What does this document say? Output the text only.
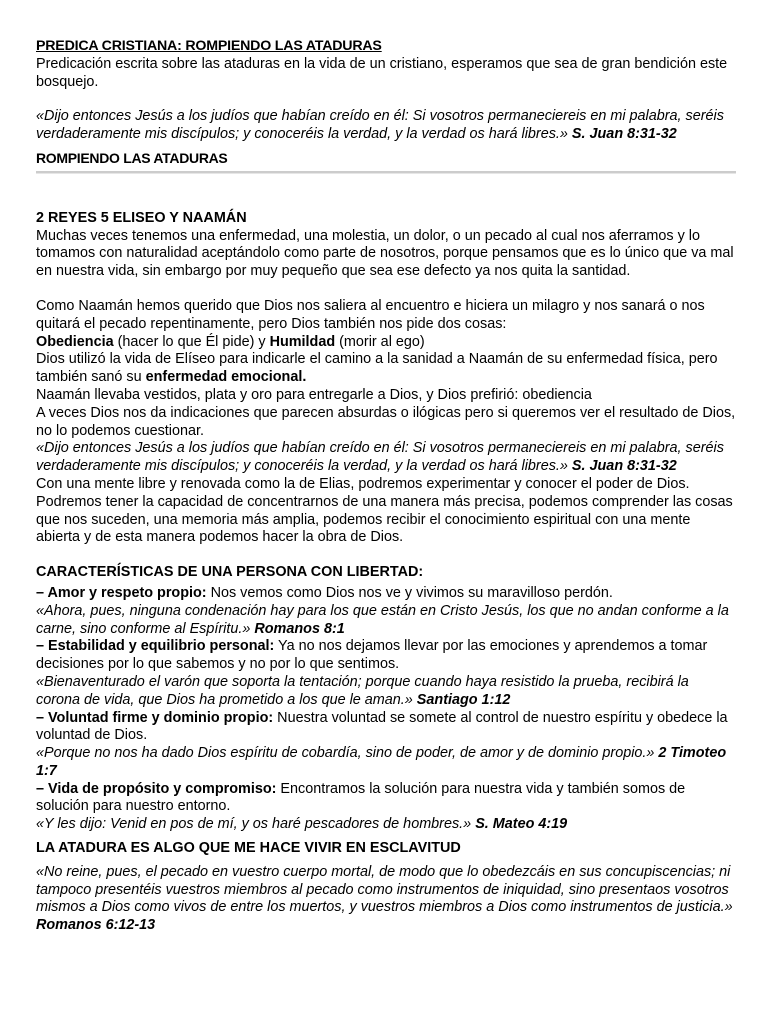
PREDICA CRISTIANA: ROMPIENDO LAS ATADURAS

Predicación escrita sobre las ataduras en la vida de un cristiano, esperamos que sea de gran bendición este bosquejo.

«Dijo entonces Jesús a los judíos que habían creído en él: Si vosotros permaneciereis en mi palabra, seréis verdaderamente mis discípulos; y conoceréis la verdad, y la verdad os hará libres.» S. Juan 8:31-32

ROMPIENDO LAS ATADURAS

2 REYES 5 ELISEO Y NAAMÁN

Muchas veces tenemos una enfermedad, una molestia, un dolor, o un pecado al cual nos aferramos y lo tomamos con naturalidad aceptándolo como parte de nosotros, porque pensamos que es lo único que va mal en nuestra vida, sin embargo por muy pequeño que sea ese defecto ya nos quita la santidad.

Como Naamán hemos querido que Dios nos saliera al encuentro e hiciera un milagro y nos sanará o nos quitará el pecado repentinamente, pero Dios también nos pide dos cosas:

Obediencia (hacer lo que Él pide) y Humildad (morir al ego)

Dios utilizó la vida de Elíseo para indicarle el camino a la sanidad a Naamán de su enfermedad física, pero también sanó su enfermedad emocional.

Naamán llevaba vestidos, plata y oro para entregarle a Dios, y Dios prefirió: obediencia

A veces Dios nos da indicaciones que parecen absurdas o ilógicas pero si queremos ver el resultado de Dios, no lo podemos cuestionar.

«Dijo entonces Jesús a los judíos que habían creído en él: Si vosotros permaneciereis en mi palabra, seréis verdaderamente mis discípulos; y conoceréis la verdad, y la verdad os hará libres.» S. Juan 8:31-32

Con una mente libre y renovada como la de Elias, podremos experimentar y conocer el poder de Dios. Podremos tener la capacidad de concentrarnos de una manera más precisa, podemos comprender las cosas que nos suceden, una memoria más amplia, podemos recibir el conocimiento espiritual con una mente abierta y de esta manera podemos hacer la obra de Dios.

CARACTERÍSTICAS DE UNA PERSONA CON LIBERTAD:

– Amor y respeto propio: Nos vemos como Dios nos ve y vivimos su maravilloso perdón.

«Ahora, pues, ninguna condenación hay para los que están en Cristo Jesús, los que no andan conforme a la carne, sino conforme al Espíritu.» Romanos 8:1

– Estabilidad y equilibrio personal: Ya no nos dejamos llevar por las emociones y aprendemos a tomar decisiones por lo que sabemos y no por lo que sentimos.

«Bienaventurado el varón que soporta la tentación; porque cuando haya resistido la prueba, recibirá la corona de vida, que Dios ha prometido a los que le aman.» Santiago 1:12

– Voluntad firme y dominio propio: Nuestra voluntad se somete al control de nuestro espíritu y obedece la voluntad de Dios.

«Porque no nos ha dado Dios espíritu de cobardía, sino de poder, de amor y de dominio propio.» 2 Timoteo 1:7

– Vida de propósito y compromiso: Encontramos la solución para nuestra vida y también somos de solución para nuestro entorno.

«Y les dijo: Venid en pos de mí, y os haré pescadores de hombres.» S. Mateo 4:19

LA ATADURA ES ALGO QUE ME HACE VIVIR EN ESCLAVITUD

«No reine, pues, el pecado en vuestro cuerpo mortal, de modo que lo obedezcáis en sus concupiscencias; ni tampoco presentéis vuestros miembros al pecado como instrumentos de iniquidad, sino presentaos vosotros mismos a Dios como vivos de entre los muertos, y vuestros miembros a Dios como instrumentos de justicia.» Romanos 6:12-13
